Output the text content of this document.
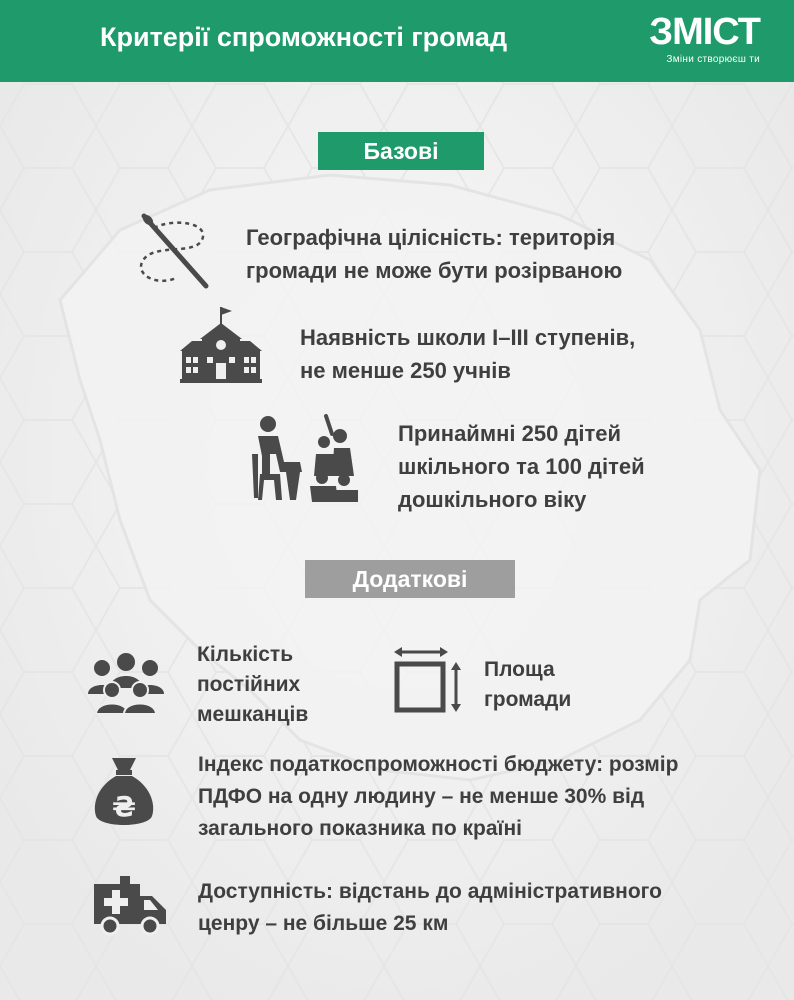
Критерії спроможності громад	ЗМІСТ
Зміни створюєш ти
Базові
Географічна цілісність: територія
громади не може бути розірваною
Наявність школи I–III ступенів,
не менше 250 учнів
Принаймні 250 дітей
шкільного та 100 дітей
дошкільного віку
Додаткові
Кількість
постійних
мешканців
Площа
громади
₴
Індекс податкоспроможності бюджету: розмір
ПДФО на одну людину – не менше 30% від
загального показника по країні
Доступність: відстань до адміністративного
ценру – не більше 25 км
